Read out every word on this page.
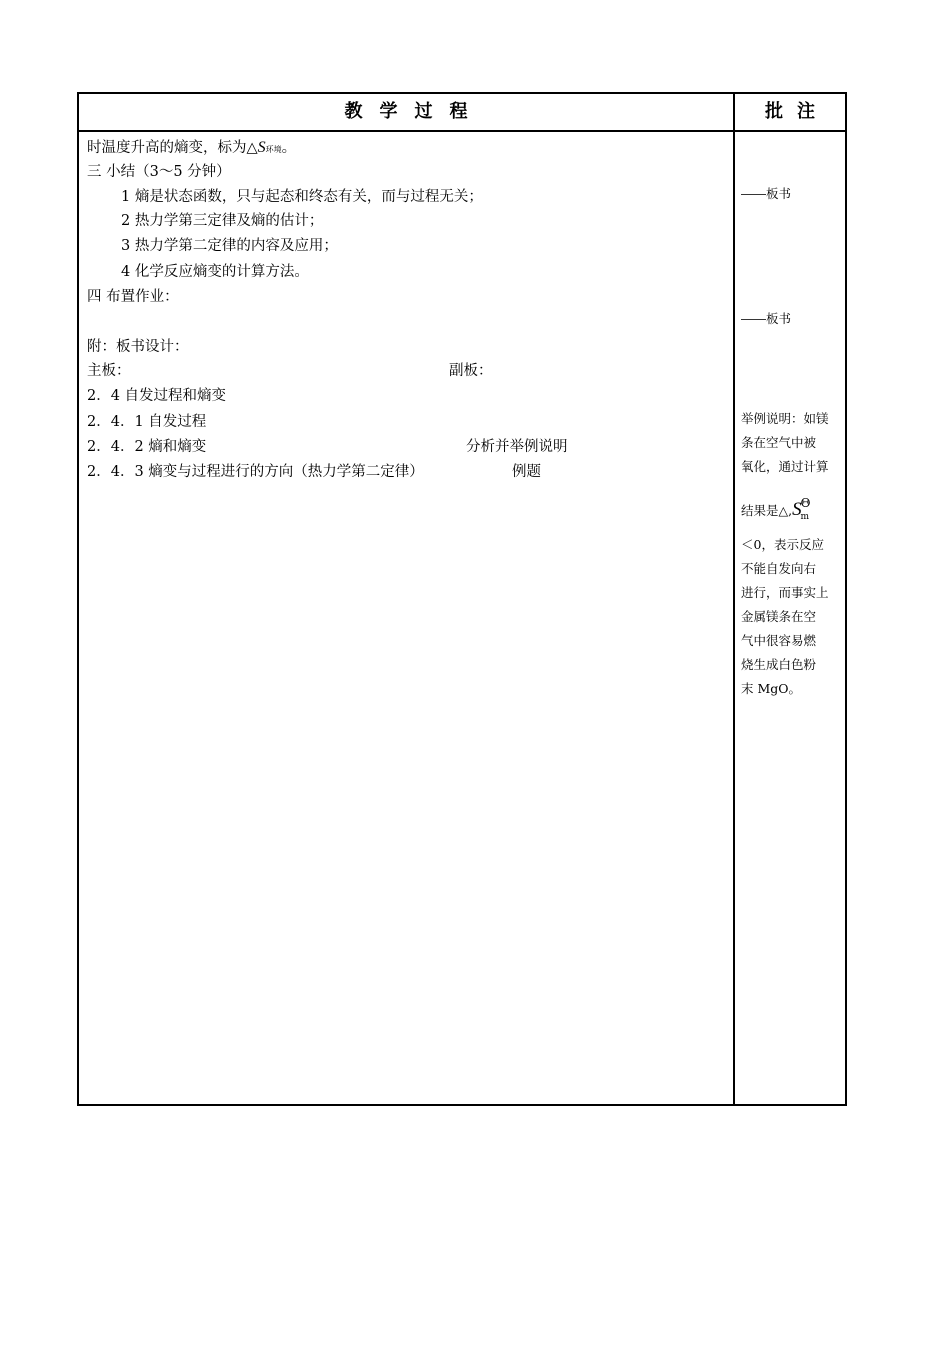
教学过程	批注
时温度升高的熵变，标为△S环境。
三 小结（3～5 分钟）
1 熵是状态函数，只与起态和终态有关，而与过程无关；
2 热力学第三定律及熵的估计；
3 热力学第二定律的内容及应用；
4 化学反应熵变的计算方法。
四 布置作业：
附：板书设计：
主板：	副板：
2．4 自发过程和熵变
2．4．1 自发过程
2．4．2 熵和熵变	分析并举例说明
2．4．3 熵变与过程进行的方向（热力学第二定律）	例题
――板书
――板书
举例说明：如镁
条在空气中被
氧化，通过计算
结果是$\triangle,S\Theta_m$
＜0，表示反应
不能自发向右
进行，而事实上
金属镁条在空
气中很容易燃
烧生成白色粉
末 MgO。
